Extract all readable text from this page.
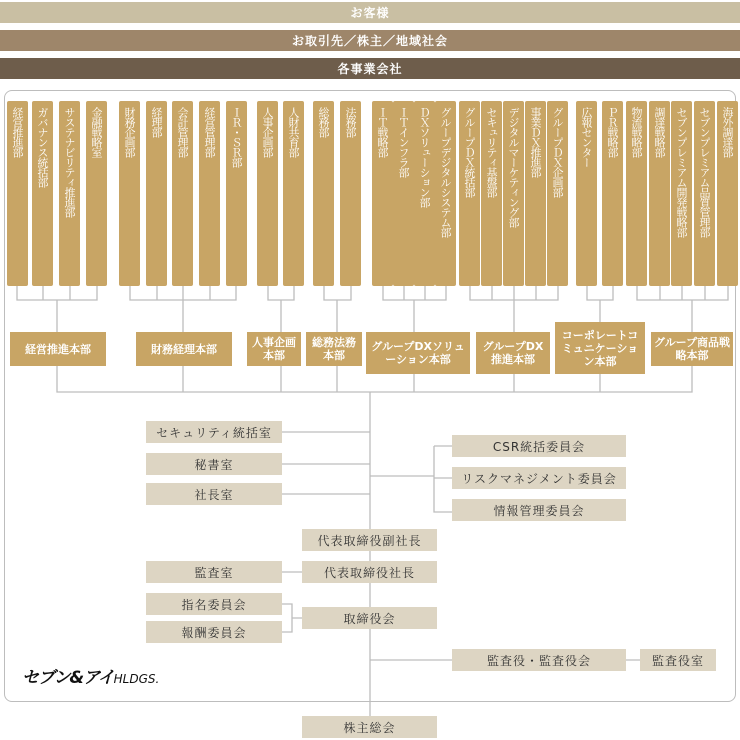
お客様
お取引先／株主／地域社会
各事業会社
経営推進部	ガバナンス統括部	サステナビリティ推進部	金融戦略室	財務企画部	経理部	会計管理部	経営管理部	ＩＲ・ＳＲ部	人事企画部	人財共育部	総務部	法務部	ＩＴ戦略部 ＩＴインフラ部 ＤＸソリューション部 グループデジタルシステム部	グループＤＸ統括部 セキュリティ基盤部 デジタルマーケティング部 事業ＤＸ推進部 グループＤＸ企画部	広報センター	ＰＲ戦略部	物流戦略部 調達戦略部 セブンプレミアム開発戦略部 セブンプレミアム品質管理部 海外調達部
経営推進本部	財務経理本部	人事企画本部
総務法務本部
グループDXソリューション本部
グループDX推進本部
コーポレートコミュニケーション本部
グループ商品戦略本部
セキュリティ統括室
秘書室
社長室
CSR統括委員会
リスクマネジメント委員会
情報管理委員会
代表取締役副社長
監査室	代表取締役社長
指名委員会
取締役会
報酬委員会
監査役・監査役会	監査役室
株主総会
セブン&アイHLDGS.
